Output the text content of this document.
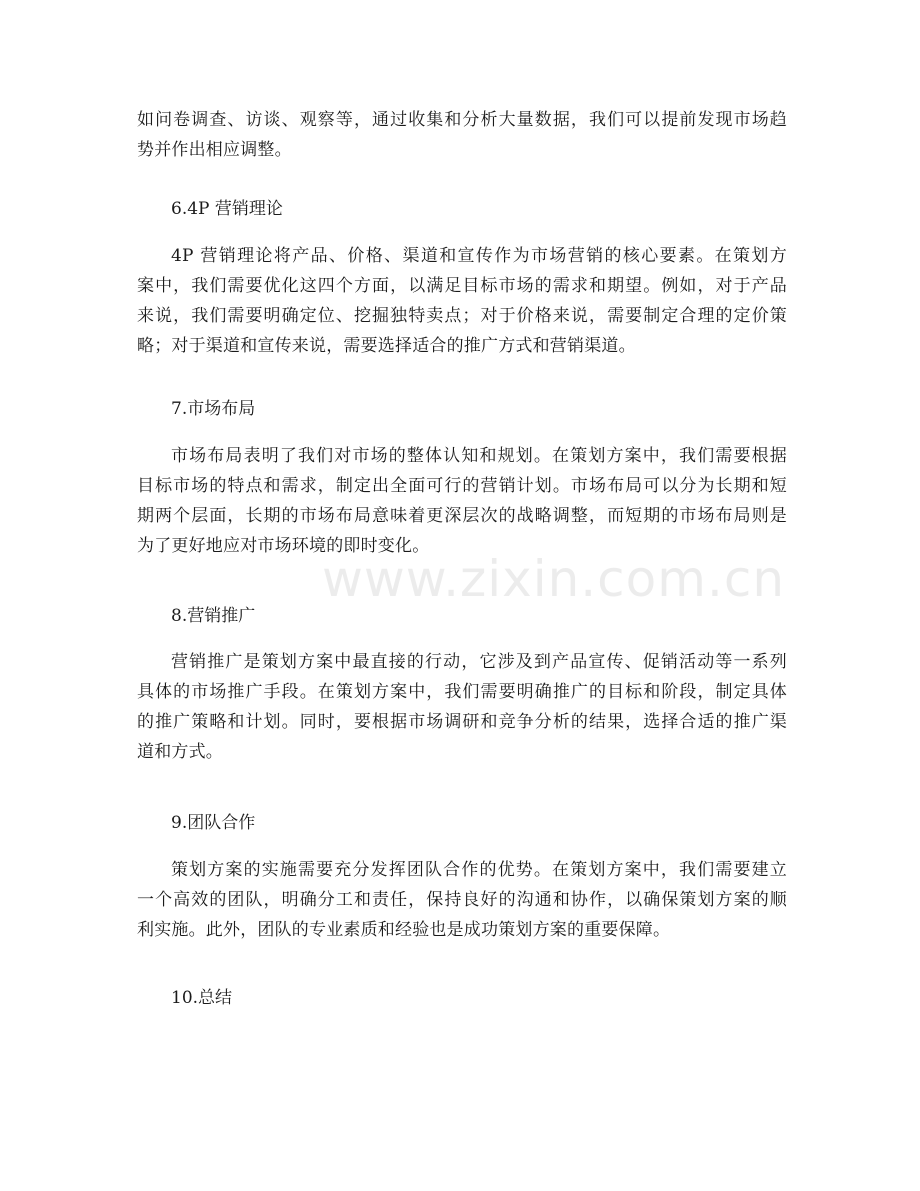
如问卷调查、访谈、观察等，通过收集和分析大量数据，我们可以提前发现市场趋
势并作出相应调整。

6.4P 营销理论

4P 营销理论将产品、价格、渠道和宣传作为市场营销的核心要素。在策划方
案中，我们需要优化这四个方面，以满足目标市场的需求和期望。例如，对于产品
来说，我们需要明确定位、挖掘独特卖点；对于价格来说，需要制定合理的定价策
略；对于渠道和宣传来说，需要选择适合的推广方式和营销渠道。

7.市场布局

市场布局表明了我们对市场的整体认知和规划。在策划方案中，我们需要根据
目标市场的特点和需求，制定出全面可行的营销计划。市场布局可以分为长期和短
期两个层面，长期的市场布局意味着更深层次的战略调整，而短期的市场布局则是
为了更好地应对市场环境的即时变化。

8.营销推广

营销推广是策划方案中最直接的行动，它涉及到产品宣传、促销活动等一系列
具体的市场推广手段。在策划方案中，我们需要明确推广的目标和阶段，制定具体
的推广策略和计划。同时，要根据市场调研和竞争分析的结果，选择合适的推广渠
道和方式。

9.团队合作

策划方案的实施需要充分发挥团队合作的优势。在策划方案中，我们需要建立
一个高效的团队，明确分工和责任，保持良好的沟通和协作，以确保策划方案的顺
利实施。此外，团队的专业素质和经验也是成功策划方案的重要保障。

10.总结

www.zixin.com.cn
